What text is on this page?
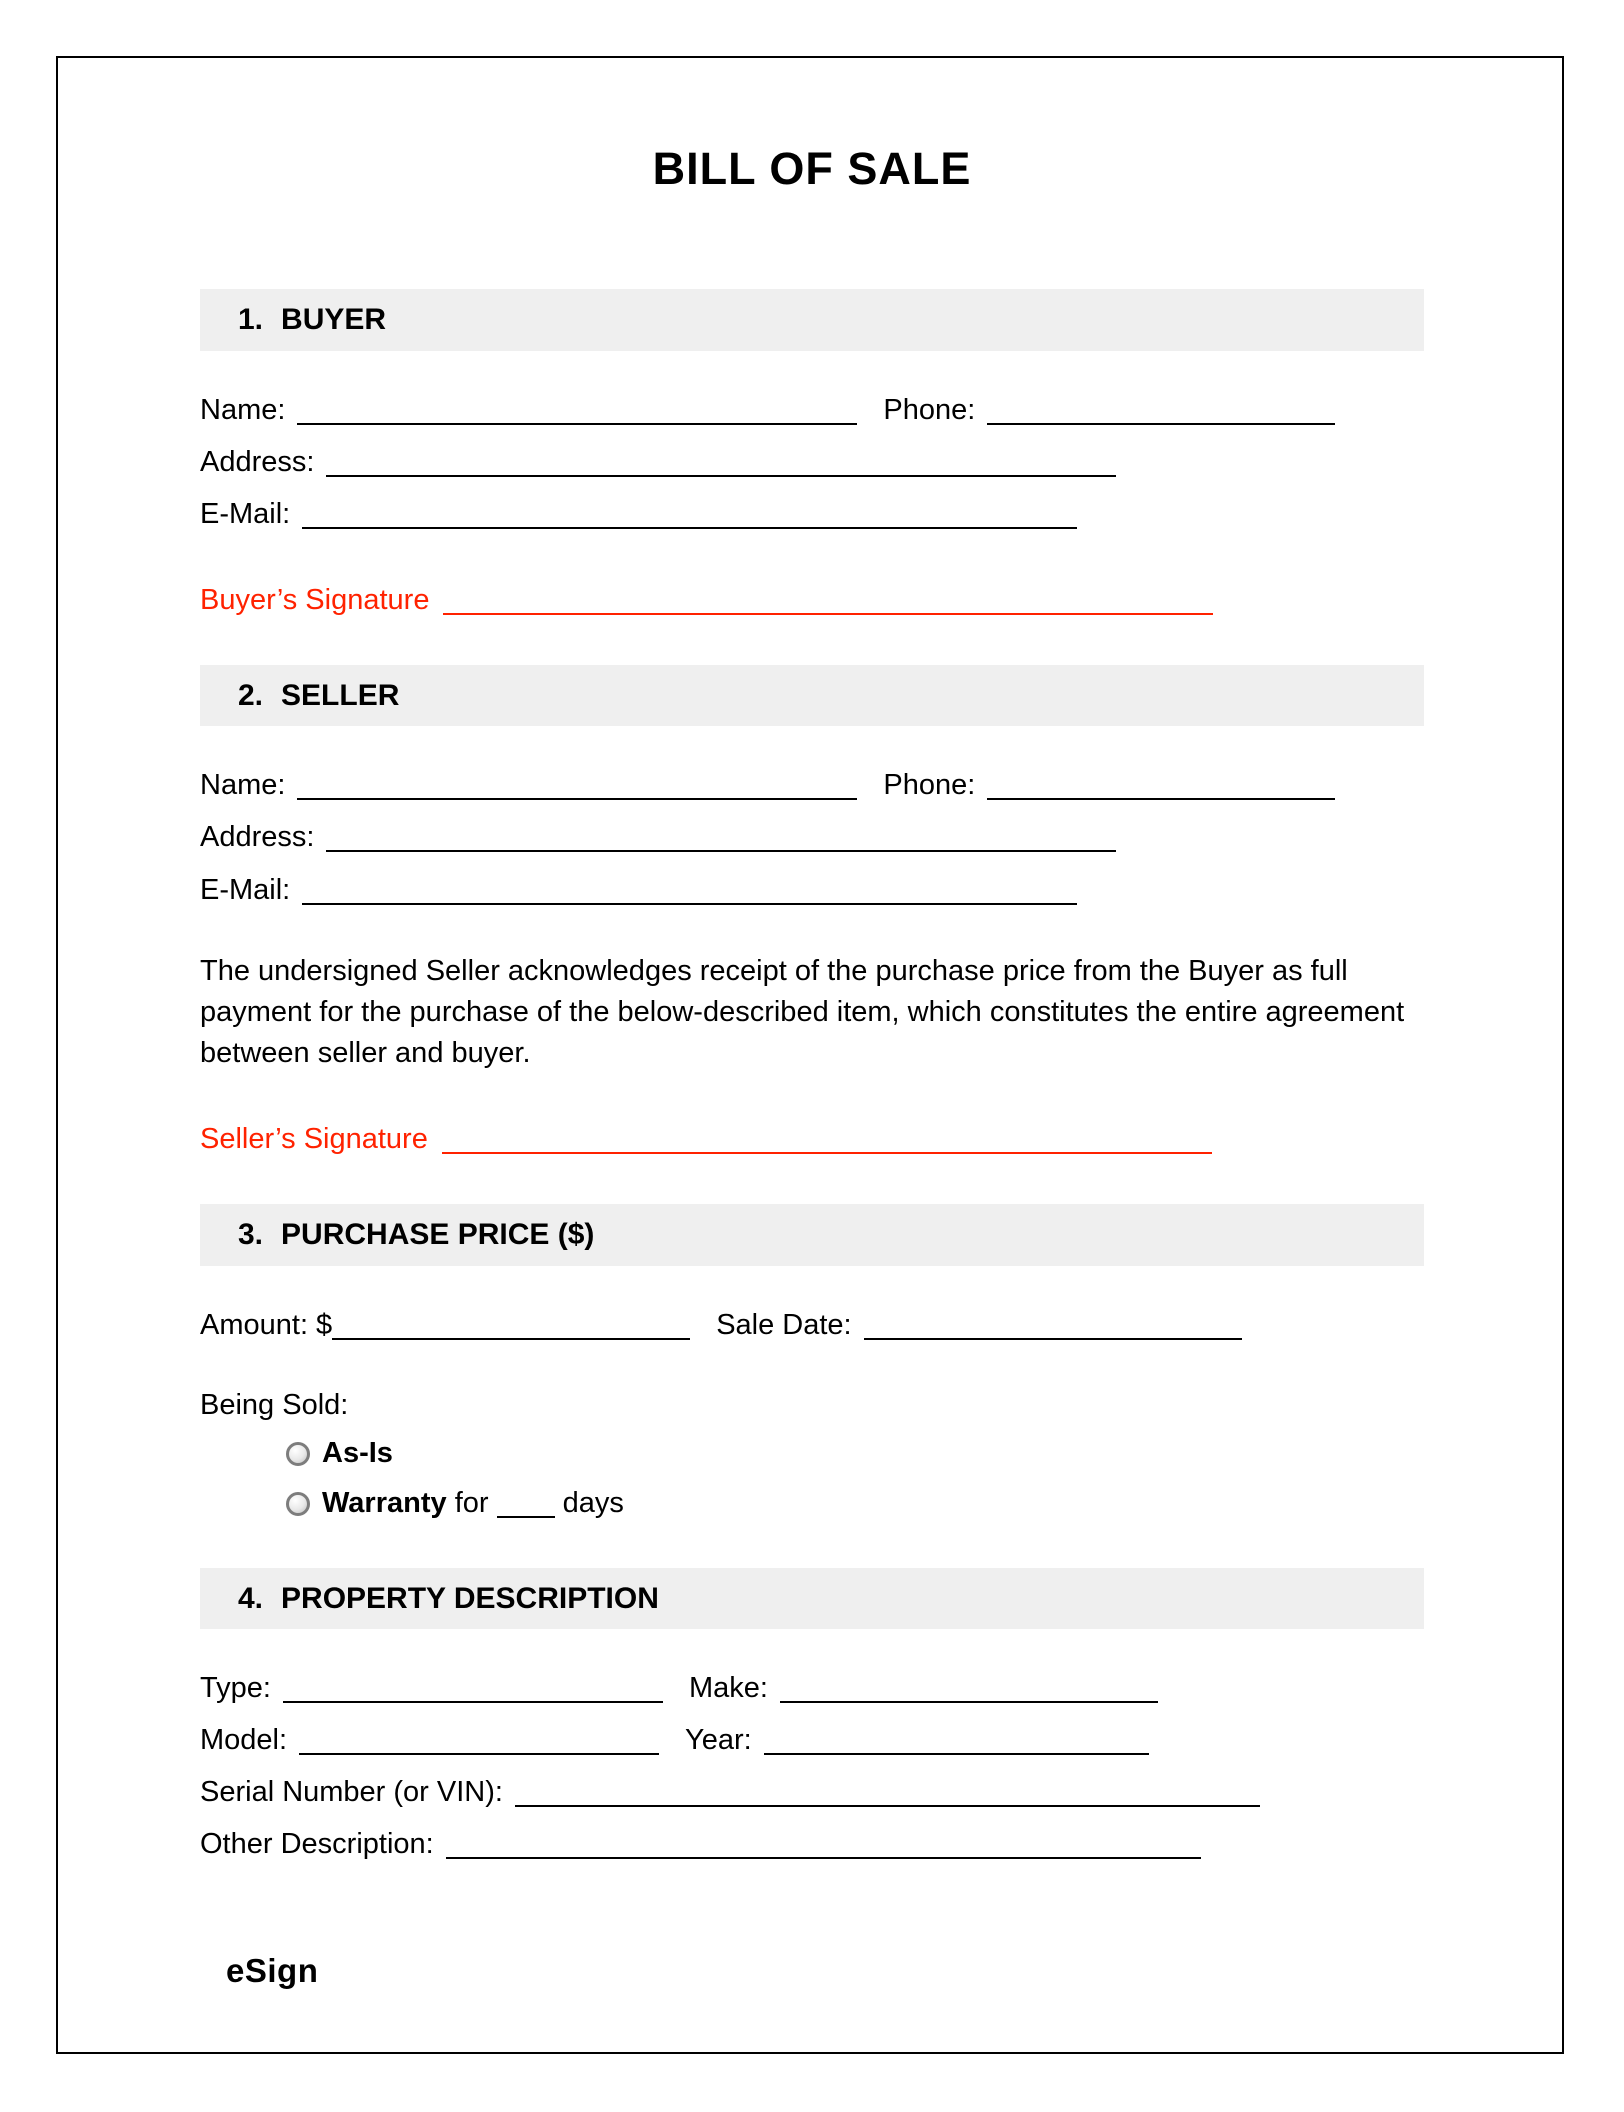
BILL OF SALE
1. BUYER
Name:	Phone:
Address:
E-Mail:
Buyer’s Signature
2. SELLER
Name:	Phone:
Address:
E-Mail:

The undersigned Seller acknowledges receipt of the purchase price from the Buyer as full payment for the purchase of the below-described item, which constitutes the entire agreement between seller and buyer.

Seller’s Signature
3. PURCHASE PRICE ($)
Amount: $	Sale Date:
Being Sold:
As-Is
Warranty for	days
4. PROPERTY DESCRIPTION
Type:	Make:
Model:	Year:
Serial Number (or VIN):
Other Description:
eSign
